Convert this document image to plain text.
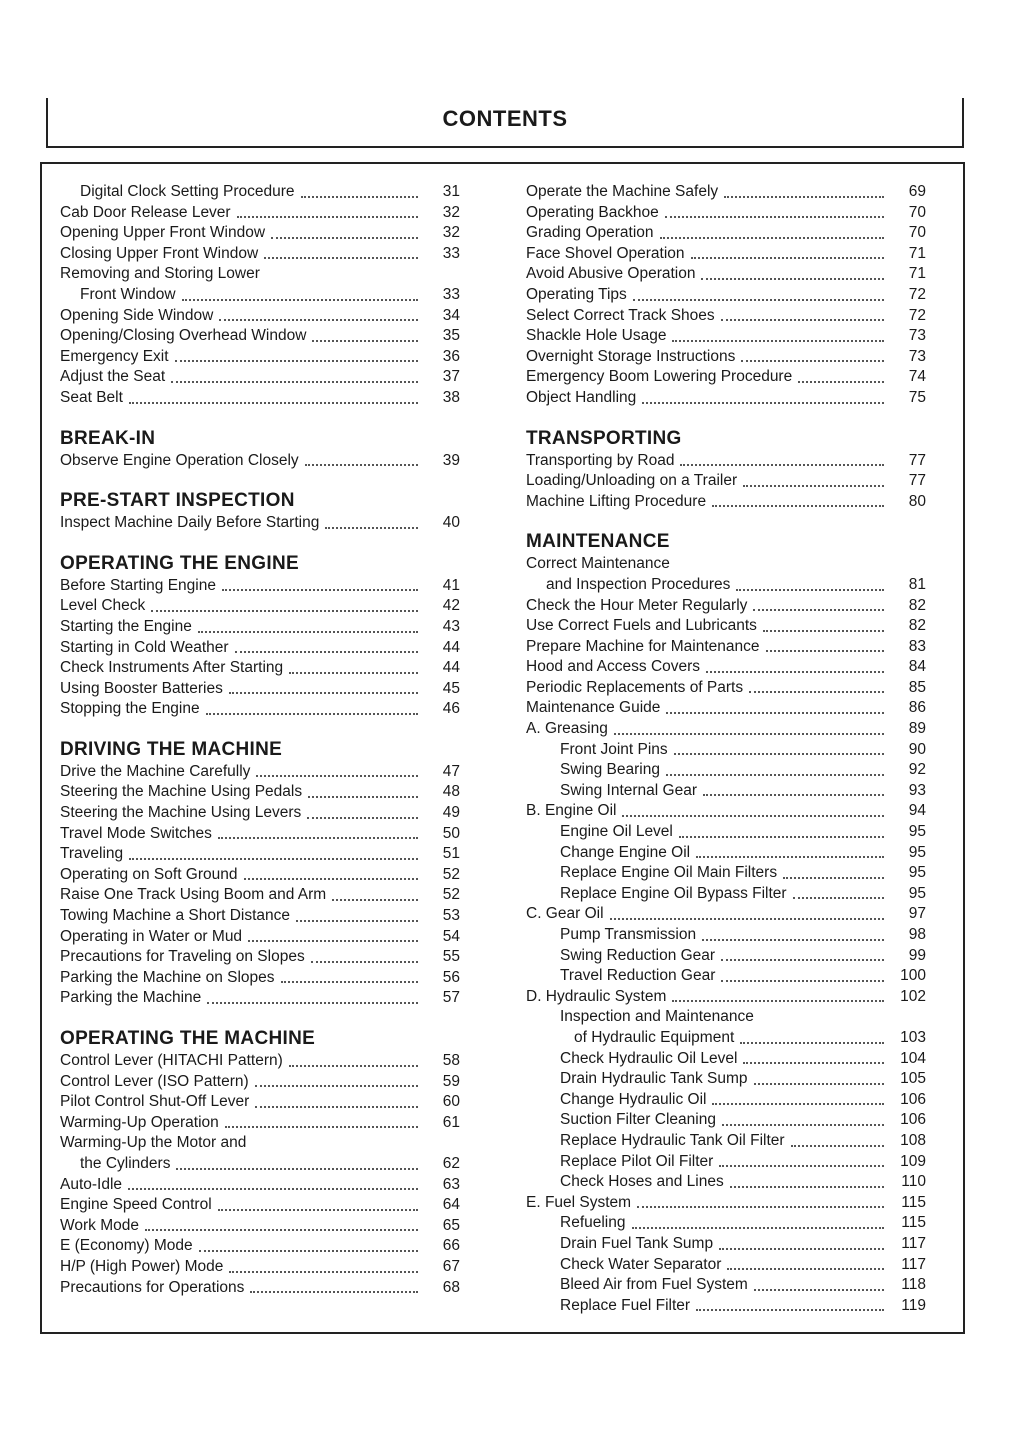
CONTENTS
Digital Clock Setting Procedure	31
Cab Door Release Lever	32
Opening Upper Front Window	32
Closing Upper Front Window	33
Removing and Storing Lower
Front Window	33
Opening Side Window	34
Opening/Closing Overhead Window	35
Emergency Exit	36
Adjust the Seat	37
Seat Belt	38
BREAK-IN
Observe Engine Operation Closely	39
PRE-START INSPECTION
Inspect Machine Daily Before Starting	40
OPERATING THE ENGINE
Before Starting Engine	41
Level Check	42
Starting the Engine	43
Starting in Cold Weather	44
Check Instruments After Starting	44
Using Booster Batteries	45
Stopping the Engine	46
DRIVING THE MACHINE
Drive the Machine Carefully	47
Steering the Machine Using Pedals	48
Steering the Machine Using Levers	49
Travel Mode Switches	50
Traveling	51
Operating on Soft Ground	52
Raise One Track Using Boom and Arm	52
Towing Machine a Short Distance	53
Operating in Water or Mud	54
Precautions for Traveling on Slopes	55
Parking the Machine on Slopes	56
Parking the Machine	57
OPERATING THE MACHINE
Control Lever (HITACHI Pattern)	58
Control Lever (ISO Pattern)	59
Pilot Control Shut-Off Lever	60
Warming-Up Operation	61
Warming-Up the Motor and
the Cylinders	62
Auto-Idle	63
Engine Speed Control	64
Work Mode	65
E (Economy) Mode	66
H/P (High Power) Mode	67
Precautions for Operations	68
Operate the Machine Safely	69
Operating Backhoe	70
Grading Operation	70
Face Shovel Operation	71
Avoid Abusive Operation	71
Operating Tips	72
Select Correct Track Shoes	72
Shackle Hole Usage	73
Overnight Storage Instructions	73
Emergency Boom Lowering Procedure	74
Object Handling	75
TRANSPORTING
Transporting by Road	77
Loading/Unloading on a Trailer	77
Machine Lifting Procedure	80
MAINTENANCE
Correct Maintenance
and Inspection Procedures	81
Check the Hour Meter Regularly	82
Use Correct Fuels and Lubricants	82
Prepare Machine for Maintenance	83
Hood and Access Covers	84
Periodic Replacements of Parts	85
Maintenance Guide	86
A. Greasing	89
Front Joint Pins	90
Swing Bearing	92
Swing Internal Gear	93
B. Engine Oil	94
Engine Oil Level	95
Change Engine Oil	95
Replace Engine Oil Main Filters	95
Replace Engine Oil Bypass Filter	95
C. Gear Oil	97
Pump Transmission	98
Swing Reduction Gear	99
Travel Reduction Gear	100
D. Hydraulic System	102
Inspection and Maintenance
of Hydraulic Equipment	103
Check Hydraulic Oil Level	104
Drain Hydraulic Tank Sump	105
Change Hydraulic Oil	106
Suction Filter Cleaning	106
Replace Hydraulic Tank Oil Filter	108
Replace Pilot Oil Filter	109
Check Hoses and Lines	110
E. Fuel System	115
Refueling	115
Drain Fuel Tank Sump	117
Check Water Separator	117
Bleed Air from Fuel System	118
Replace Fuel Filter	119
